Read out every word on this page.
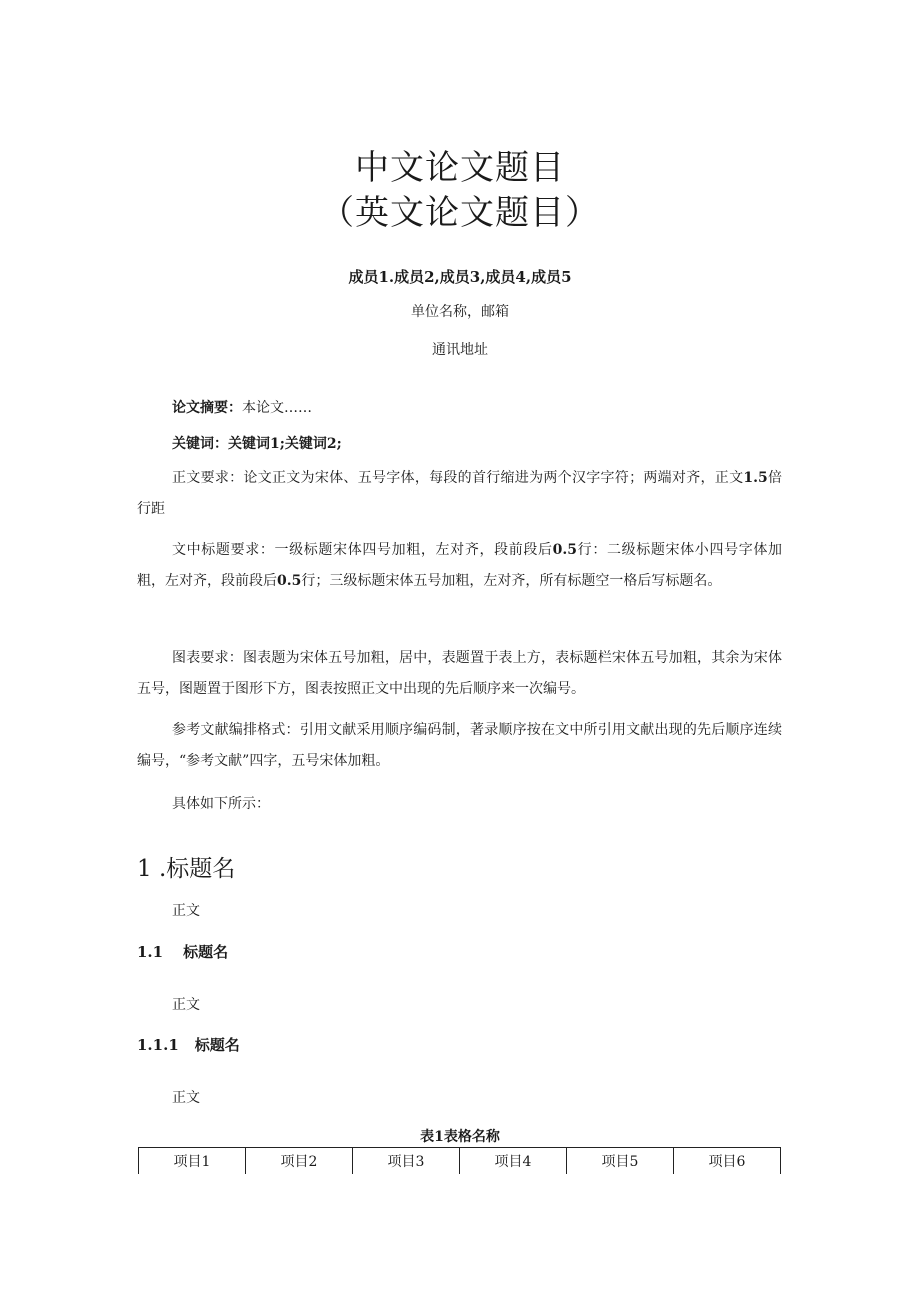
中文论文题目
（英文论文题目）
成员1.成员2,成员3,成员4,成员5
单位名称，邮箱
通讯地址
论文摘要：本论文……
关键词：关键词1;关键词2;
正文要求：论文正文为宋体、五号字体，每段的首行缩进为两个汉字字符；两端对齐，正文1.5倍行距
文中标题要求：一级标题宋体四号加粗，左对齐，段前段后0.5行：二级标题宋体小四号字体加粗，左对齐，段前段后0.5行；三级标题宋体五号加粗，左对齐，所有标题空一格后写标题名。
图表要求：图表题为宋体五号加粗，居中，表题置于表上方，表标题栏宋体五号加粗，其余为宋体五号，图题置于图形下方，图表按照正文中出现的先后顺序来一次编号。
参考文献编排格式：引用文献采用顺序编码制，著录顺序按在文中所引用文献出现的先后顺序连续编号，“参考文献”四字，五号宋体加粗。
具体如下所示：
1 .标题名
正文
1.1 标题名
正文
1.1.1 标题名
正文
表1表格名称
项目1	项目2	项目3	项目4	项目5	项目6
